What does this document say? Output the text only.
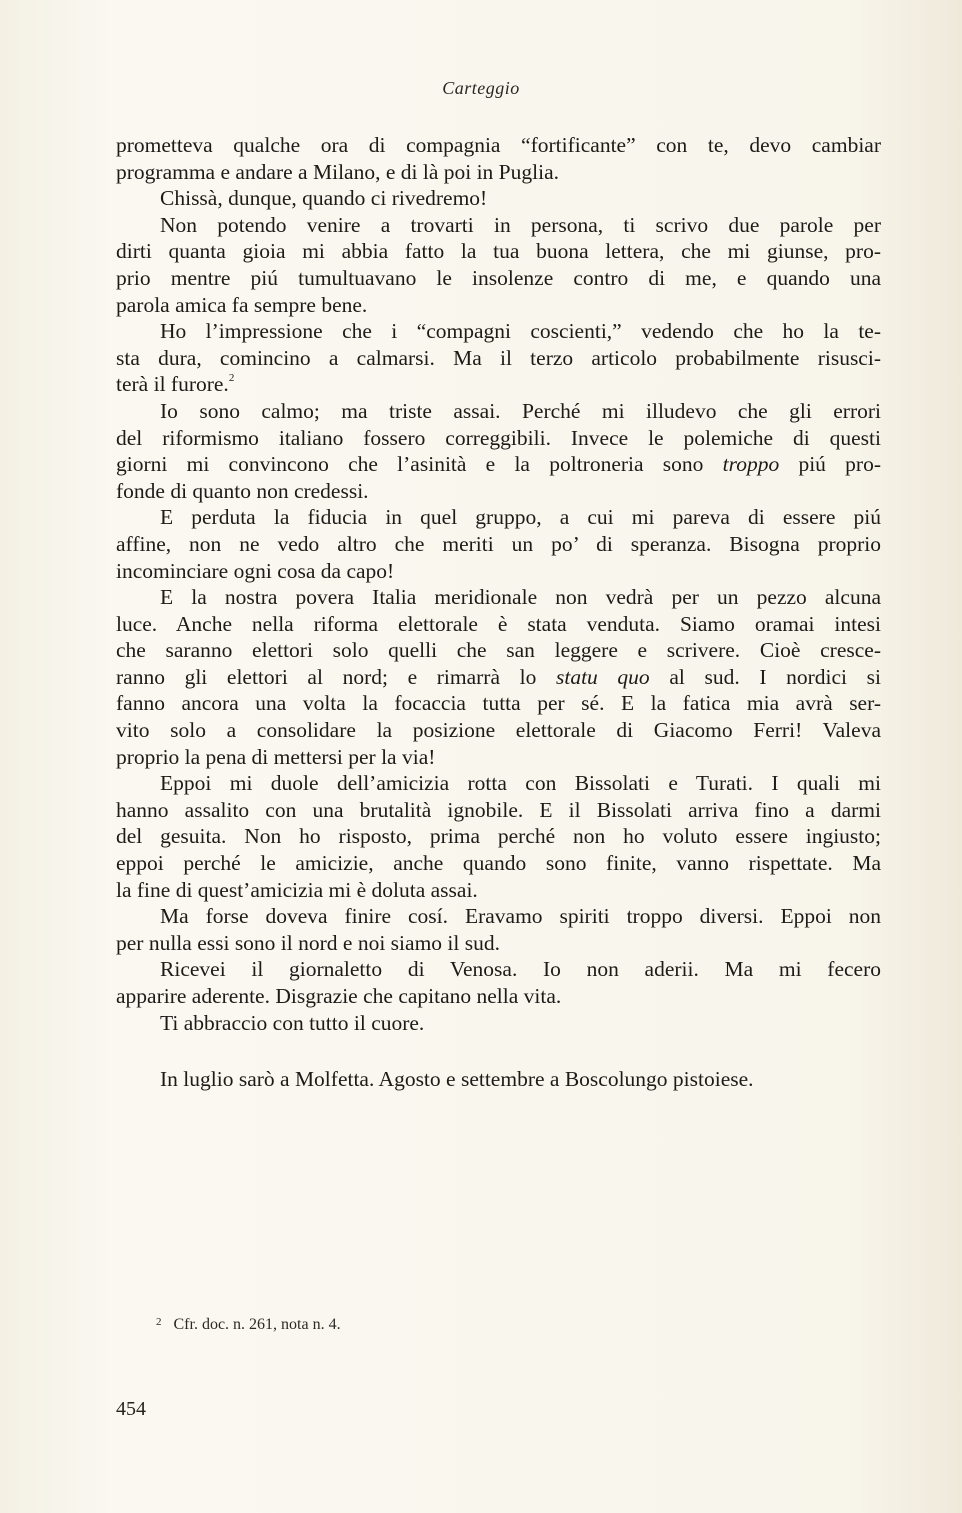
Carteggio
prometteva qualche ora di compagnia “fortificante” con te, devo cambiar
programma e andare a Milano, e di là poi in Puglia.
Chissà, dunque, quando ci rivedremo!
Non potendo venire a trovarti in persona, ti scrivo due parole per
dirti quanta gioia mi abbia fatto la tua buona lettera, che mi giunse, pro-
prio mentre piú tumultuavano le insolenze contro di me, e quando una
parola amica fa sempre bene.
Ho l’impressione che i “compagni coscienti,” vedendo che ho la te-
sta dura, comincino a calmarsi. Ma il terzo articolo probabilmente risusci-
terà il furore.$^2$
Io sono calmo; ma triste assai. Perché mi illudevo che gli errori
del riformismo italiano fossero correggibili. Invece le polemiche di questi
giorni mi convincono che l’asinità e la poltroneria sono troppo piú pro-
fonde di quanto non credessi.
E perduta la fiducia in quel gruppo, a cui mi pareva di essere piú
affine, non ne vedo altro che meriti un po’ di speranza. Bisogna proprio
incominciare ogni cosa da capo!
E la nostra povera Italia meridionale non vedrà per un pezzo alcuna
luce. Anche nella riforma elettorale è stata venduta. Siamo oramai intesi
che saranno elettori solo quelli che san leggere e scrivere. Cioè cresce-
ranno gli elettori al nord; e rimarrà lo statu quo al sud. I nordici si
fanno ancora una volta la focaccia tutta per sé. E la fatica mia avrà ser-
vito solo a consolidare la posizione elettorale di Giacomo Ferri! Valeva
proprio la pena di mettersi per la via!
Eppoi mi duole dell’amicizia rotta con Bissolati e Turati. I quali mi
hanno assalito con una brutalità ignobile. E il Bissolati arriva fino a darmi
del gesuita. Non ho risposto, prima perché non ho voluto essere ingiusto;
eppoi perché le amicizie, anche quando sono finite, vanno rispettate. Ma
la fine di quest’amicizia mi è doluta assai.
Ma forse doveva finire cosí. Eravamo spiriti troppo diversi. Eppoi non
per nulla essi sono il nord e noi siamo il sud.
Ricevei il giornaletto di Venosa. Io non aderii. Ma mi fecero
apparire aderente. Disgrazie che capitano nella vita.
Ti abbraccio con tutto il cuore.
In luglio sarò a Molfetta. Agosto e settembre a Boscolungo pistoiese.
$^2$ Cfr. doc. n. 261, nota n. 4.
454
